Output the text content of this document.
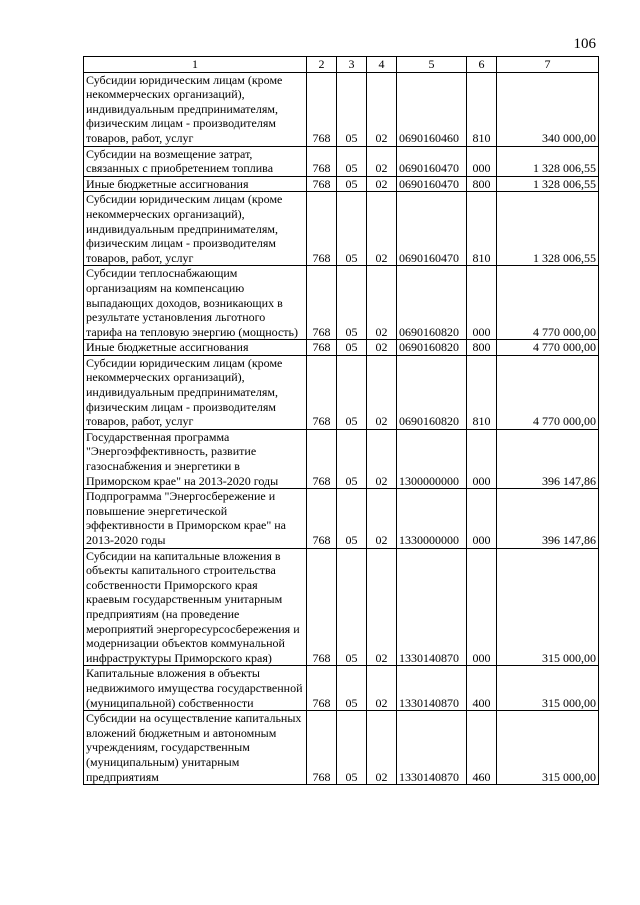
106
1	2	3	4	5	6	7
Субсидии юридическим лицам (кроме некоммерческих организаций), индивидуальным предпринимателям, физическим лицам - производителям товаров, работ, услуг	768	05	02	0690160460	810	340 000,00
Субсидии на возмещение затрат, связанных с приобретением топлива	768	05	02	0690160470	000	1 328 006,55
Иные бюджетные ассигнования	768	05	02	0690160470	800	1 328 006,55
Субсидии юридическим лицам (кроме некоммерческих организаций), индивидуальным предпринимателям, физическим лицам - производителям товаров, работ, услуг	768	05	02	0690160470	810	1 328 006,55
Субсидии теплоснабжающим организациям на компенсацию выпадающих доходов, возникающих в результате установления льготного тарифа на тепловую энергию (мощность)	768	05	02	0690160820	000	4 770 000,00
Иные бюджетные ассигнования	768	05	02	0690160820	800	4 770 000,00
Субсидии юридическим лицам (кроме некоммерческих организаций), индивидуальным предпринимателям, физическим лицам - производителям товаров, работ, услуг	768	05	02	0690160820	810	4 770 000,00
Государственная программа "Энергоэффективность, развитие газоснабжения и энергетики в Приморском крае" на 2013-2020 годы	768	05	02	1300000000	000	396 147,86
Подпрограмма "Энергосбережение и повышение энергетической эффективности в Приморском крае" на 2013-2020 годы	768	05	02	1330000000	000	396 147,86
Субсидии на капитальные вложения в объекты капитального строительства собственности Приморского края краевым государственным унитарным предприятиям (на проведение мероприятий энергоресурсосбережения и модернизации объектов коммунальной инфраструктуры Приморского края)	768	05	02	1330140870	000	315 000,00
Капитальные вложения в объекты недвижимого имущества государственной (муниципальной) собственности	768	05	02	1330140870	400	315 000,00
Субсидии на осуществление капитальных вложений бюджетным и автономным учреждениям, государственным (муниципальным) унитарным предприятиям	768	05	02	1330140870	460	315 000,00
